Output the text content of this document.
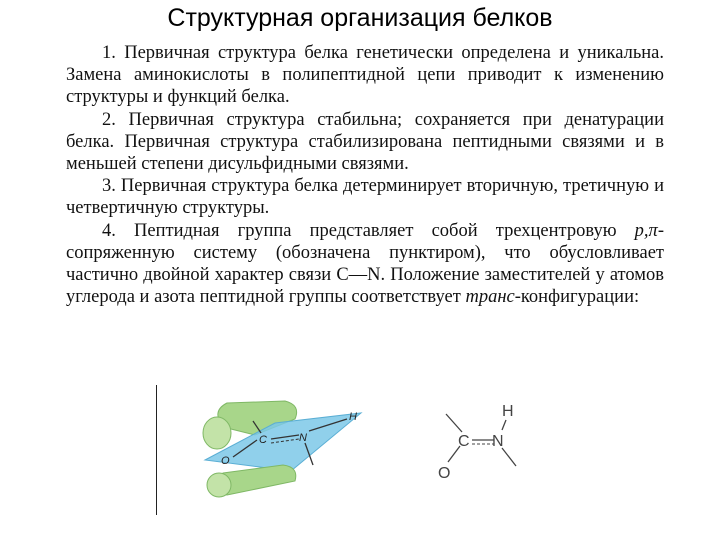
Структурная организация белков

1. Первичная структура белка генетически определена и уникальна. Замена аминокислоты в полипептидной цепи приводит к изменению структуры и функций белка.

2. Первичная структура стабильна; сохраняется при денатурации белка. Первичная структура стабилизирована пептидными связями и в меньшей степени дисульфидными связями.

3. Первичная структура белка детерминирует вторичную, третичную и четвертичную структуры.

4. Пептидная группа представляет собой трехцентровую p,π-сопряженную систему (обозначена пунктиром), что обусловливает частично двойной характер связи C—N. Положение заместителей у атомов углерода и азота пептидной группы соответствует транс-конфигурации:

C	N
O
H	H
C N
O
